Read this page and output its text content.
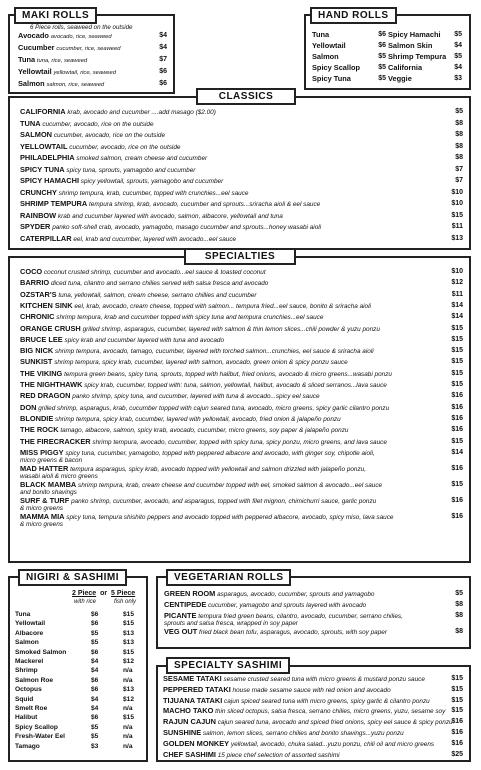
6 Piece rolls, seaweed on the outside
Avocado avocado, rice, seaweed	$4
Cucumber cucumber, rice, seaweed	$4
Tuna tuna, rice, seaweed	$7
Yellowtail yellowtail, rice, seaweed	$6
Salmon salmon, rice, seaweed	$6
MAKI ROLLS
Tuna	$6
Yellowtail	$6
Salmon	$5
Spicy Scallop	$5
Spicy Tuna	$5
Spicy Hamachi $5
Salmon Skin	$4
Shrimp Tempura $5
California	$4
Veggie	$3
HAND ROLLS
CALIFORNIA krab, avocado and cucumber ....add masago ($2.00)	$5
TUNA cucumber, avocado, rice on the outside	$8
SALMON cucumber, avocado, rice on the outside	$8
YELLOWTAIL cucumber, avocado, rice on the outside	$8
PHILADELPHIA smoked salmon, cream cheese and cucumber	$8
SPICY TUNA spicy tuna, sprouts, yamagobo and cucumber	$7
SPICY HAMACHI spicy yellowtail, sprouts, yamagobo and cucumber	$7
CRUNCHY shrimp tempura, krab, cucumber, topped with crunchies...eel sauce	$10
SHRIMP TEMPURA tempura shrimp, krab, avocado, cucumber and sprouts...sriracha aioli & eel sauce	$10
RAINBOW krab and cucumber layered with avocado, salmon, albacore, yellowtail and tuna	$15
SPYDER panko soft-shell crab, avocado, yamagobo, masago cucumber and sprouts...honey wasabi aioli	$11
CATERPILLAR eel, krab and cucumber, layered with avocado...eel sauce	$13
CLASSICS
COCO coconut crusted shrimp, cucumber and avocado...eel sauce & toasted coconut	$10
BARRIO diced tuna, cilantro and serrano chilies served with salsa fresca and avocado	$12
OZSTAR'S tuna, yellowtail, salmon, cream cheese, serrano chillies and cucumber	$11
KITCHEN SINK eel, krab, avocado, cream cheese, topped with salmon... tempura fried...eel sauce, bonito & sriracha aioli	$14
CHRONIC shrimp tempura, krab and cucumber topped with spicy tuna and tempura crunchies...eel sauce	$14
ORANGE CRUSH grilled shrimp, asparagus, cucumber, layered with salmon & thin lemon slices...chili powder & yuzu ponzu	$15
BRUCE LEE spicy krab and cucumber layered with tuna and avocado	$15
BIG NICK shrimp tempura, avocado, tamago, cucumber, layered with torched salmon...crunchies, eel sauce & sriracha aioli	$15
SUNKIST shrimp tempura, spicy krab, cucumber, layered with salmon, avocado, green onion & spicy ponzu sauce	$15
THE VIKING tempura green beans, spicy tuna, sprouts, topped with halibut, fried onions, avocado & micro greens...wasabi ponzu	$15
THE NIGHTHAWK spicy krab, cucumber, topped with: tuna, salmon, yellowtail, halibut, avocado & sliced serranos...lava sauce	$15
RED DRAGON panko shrimp, spicy tuna, and cucumber, layered with tuna & avocado...spicy eel sauce	$16
DON grilled shrimp, asparagus, krab, cucumber topped with cajun seared tuna, avocado, micro greens, spicy garlic cilantro ponzu	$16
BLONDIE shrimp tempura, spicy krab, cucumber, layered with yellowtail, avocado, fried onion & jalapeño ponzu	$16
THE ROCK tamago, albacore, salmon, spicy krab, avocado, cucumber, micro greens, soy paper & jalapeño ponzu	$16
THE FIRECRACKER shrimp tempura, avocado, cucumber, topped with spicy tuna, spicy ponzu, micro greens, and lava sauce	$15
MISS PIGGY spicy tuna, cucumber, yamagobo, topped with peppered albacore and avocado, with ginger soy, chipotle aioli,	$14
micro greens & bacon
MAD HATTER tempura asparagus, spicy krab, avocado topped with yellowtail and salmon drizzled with jalapeño ponzu,	$16
wasabi aioli & micro greens
BLACK MAMBA shrimp tempura, krab, cream cheese and cucumber topped with eel, smoked salmon & avocado...eel sauce	$15
and bonito shavings
SURF & TURF panko shrimp, cucumber, avocado, and asparagus, topped with filet mignon, chimichurri sauce, garlic ponzu	$16
& micro greens
MAMMA MIA spicy tuna, tempura shishito peppers and avocado topped with peppered albacore, avocado, spicy miso, lava sauce	$16
& micro greens
SPECIALTIES
2 Piece or 5 Piece
with rice	fish only
Tuna	$6	$15
Yellowtail	$6	$15
Albacore	$5	$13
Salmon	$5	$13
Smoked Salmon	$6	$15
Mackerel	$4	$12
Shrimp	$4	n/a
Salmon Roe	$6	n/a
Octopus	$6	$13
Squid	$4	$12
Smelt Roe	$4	n/a
Halibut	$6	$15
Spicy Scallop	$5	n/a
Fresh-Water Eel	$5	n/a
Tamago	$3	n/a
NIGIRI & SASHIMI
GREEN ROOM asparagus, avocado, cucumber, sprouts and yamagobo	$5
CENTIPEDE cucumber, yamagobo and sprouts layered with avocado	$8
PICANTE tempura fried green beans, cilantro, avocado, cucumber, serrano chilies,	$8
sprouts and salsa fresca, wrapped in soy paper
VEG OUT fried black bean tofu, asparagus, avocado, sprouts, with soy paper	$8
VEGETARIAN ROLLS
SESAME TATAKI sesame crusted seared tuna with micro greens & mustard ponzu sauce	$15
PEPPERED TATAKI house made sesame sauce with red onion and avocado	$15
TIJUANA TATAKI cajun spiced seared tuna with micro greens, spicy garlic & cilantro ponzu	$15
MACHO TAKO thin sliced octopus, salsa fresca, serrano chilies, micro greens, yuzu, sesame soy $15
RAJUN CAJUN cajun seared tuna, avocado and spiced fried onions, spicy eel sauce & spicy ponzu
$16
SUNSHINE salmon, lemon slices, serrano chilies and bonito shavings...yuzu ponzu	$16
GOLDEN MONKEY yellowtail, avocado, chuka salad...yuzu ponzu, chili oil and micro greens $16
CHEF SASHIMI 15 piece chef selection of assorted sashimi	$25
SPECIALTY SASHIMI
